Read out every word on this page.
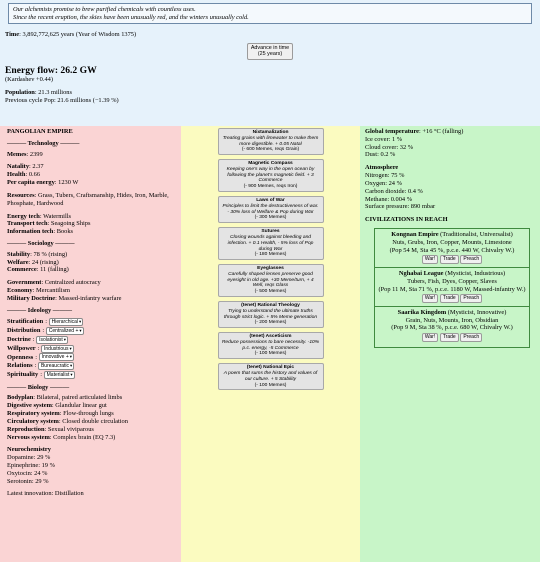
Our alchemists promise to brew purified chemicals with countless uses.
Since the recent eruption, the skies have been unusually red, and the winters unusually cold.
Time: 3,892,772,625 years (Year of Wisdom 1375)
Advance in time
(25 years)
Energy flow: 26.2 GW
(Kardashev +0.44)
Population: 21.3 millions
Previous cycle Pop: 21.6 millions (−1.39 %)
PANGOLIAN EMPIRE
——— Technology ———
Memes: 2399
Natality: 2.37
Health: 0.66
Per capita energy: 1230 W
Resources: Grass, Tubers, Craftsmanship, Hides, Iron, Marble, Phosphate, Hardwood
Energy tech: Watermills
Transport tech: Seagoing Ships
Information tech: Books
——— Sociology ———
Stability: 78 % (rising)
Welfare: 24 (rising)
Commerce: 11 (falling)
Government: Centralized autocracy
Economy: Mercantilism
Military Doctrine: Massed-infantry warfare
——— Ideology ———
Stratification : Hierarchical ▾
Distribution : Centralized + ▾
Doctrine : Isolationist ▾
Willpower : Industrious ▾
Openness : Innovative + ▾
Relations : Bureaucratic ▾
Spirituality : Materialist ▾
——— Biology ———
Bodyplan: Bilateral, paired articulated limbs
Digestive system: Glandular linear gut
Respiratory system: Flow-through lungs
Circulatory system: Closed double circulation
Reproduction: Sexual viviparous
Nervous system: Complex brain (EQ 7.3)
Neurochemistry
Dopamine: 29 %
Epinephrine: 19 %
Oxytocin: 24 %
Serotonin: 29 %
Latest innovation: Distillation
Nixtamalization
Treating grains with limewater to make them more digestible. + 0.05 Natal
(- 600 Memes, reqs Grain)
Magnetic Compass
Keeping one's way in the open ocean by following the planet's magnetic field. + 3 Commerce
(- 900 Memes, reqs Iron)
Laws of War
Principles to limit the destructiveness of war. - 30% loss of Welfare & Pop during War
(- 300 Memes)
Sutures
Closing wounds against bleeding and infection. + 0.1 Health, - 5% loss of Pop during War
(- 180 Memes)
Eyeglasses
Carefully shaped lenses preserve good eyesight in old age. +30 Meme/turn, + 4 Well, reqs Glass
(- 500 Memes)
(tenet) Rational Theology
Trying to understand the ultimate truths through strict logic. + 5% Meme generation
(- 200 Memes)
(tenet) Asceticism
Reduce possessions to bare necessity. -10% p.c. energy, -5 Commerce
(- 100 Memes)
(tenet) National Epic
A poem that sums the history and values of our culture. + 5 Stability
(- 100 Memes)
Global temperature: +16 °C (falling)
Ice cover: 1 %
Cloud cover: 32 %
Dust: 0.2 %
Atmosphere
Nitrogen: 75 %
Oxygen: 24 %
Carbon dioxide: 0.4 %
Methane: 0.004 %
Surface pressure: 890 mbar
CIVILIZATIONS IN REACH
Kongnan Empire (Traditionalist, Universalist)
Nuts, Grubs, Iron, Copper, Mounts, Limestone
(Pop 54 M, Sta 45 %, p.c.e. 440 W, Chivalry W.)
War! Trade Preach
Nghabai League (Mysticist, Industrious)
Tubers, Fish, Dyes, Copper, Slaves
(Pop 11 M, Sta 71 %, p.c.e. 1180 W, Massed-infantry W.)
War! Trade Preach
Saarika Kingdom (Mysticist, Innovative)
Grain, Nuts, Mounts, Iron, Obsidian
(Pop 9 M, Sta 38 %, p.c.e. 680 W, Chivalry W.)
War! Trade Preach
